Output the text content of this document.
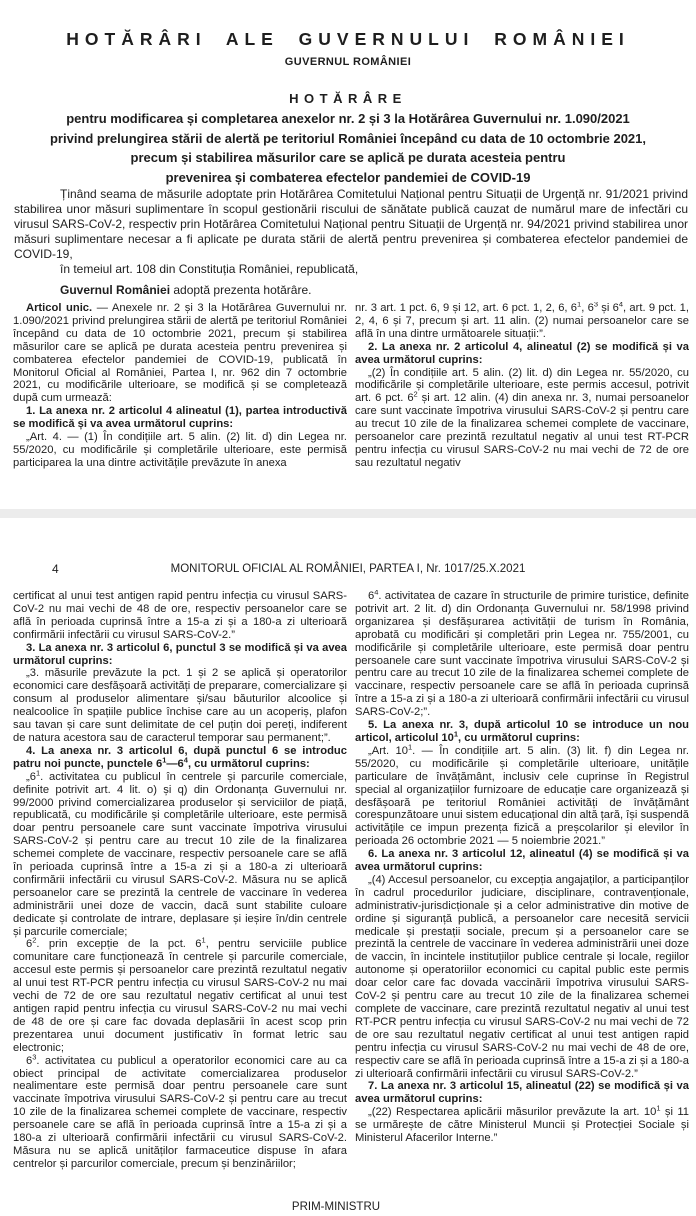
HOTĂRÂRI ALE GUVERNULUI ROMÂNIEI
GUVERNUL ROMÂNIEI
HOTĂRÂRE
pentru modificarea și completarea anexelor nr. 2 și 3 la Hotărârea Guvernului nr. 1.090/2021
privind prelungirea stării de alertă pe teritoriul României începând cu data de 10 octombrie 2021,
precum și stabilirea măsurilor care se aplică pe durata acesteia pentru
prevenirea și combaterea efectelor pandemiei de COVID-19

Ținând seama de măsurile adoptate prin Hotărârea Comitetului Național pentru Situații de Urgență nr. 91/2021 privind stabilirea unor măsuri suplimentare în scopul gestionării riscului de sănătate publică cauzat de numărul mare de infectări cu virusul SARS-CoV-2, respectiv prin Hotărârea Comitetului Național pentru Situații de Urgență nr. 94/2021 privind stabilirea unor măsuri suplimentare necesar a fi aplicate pe durata stării de alertă pentru prevenirea și combaterea efectelor pandemiei de COVID-19,

în temeiul art. 108 din Constituția României, republicată,

Guvernul României adoptă prezenta hotărâre.

Articol unic. — Anexele nr. 2 și 3 la Hotărârea Guvernului nr. 1.090/2021 privind prelungirea stării de alertă pe teritoriul României începând cu data de 10 octombrie 2021, precum și stabilirea măsurilor care se aplică pe durata acesteia pentru prevenirea și combaterea efectelor pandemiei de COVID-19, publicată în Monitorul Oficial al României, Partea I, nr. 962 din 7 octombrie 2021, cu modificările ulterioare, se modifică și se completează după cum urmează:

1. La anexa nr. 2 articolul 4 alineatul (1), partea introductivă se modifică și va avea următorul cuprins:

„Art. 4. — (1) În condițiile art. 5 alin. (2) lit. d) din Legea nr. 55/2020, cu modificările și completările ulterioare, este permisă participarea la una dintre activitățile prevăzute în anexa

nr. 3 art. 1 pct. 6, 9 și 12, art. 6 pct. 1, 2, 6, $6^1$, $6^3$ și $6^4$, art. 9 pct. 1, 2, 4, 6 și 7, precum și art. 11 alin. (2) numai persoanelor care se află în una dintre următoarele situații:”.

2. La anexa nr. 2 articolul 4, alineatul (2) se modifică și va avea următorul cuprins:

„(2) În condițiile art. 5 alin. (2) lit. d) din Legea nr. 55/2020, cu modificările și completările ulterioare, este permis accesul, potrivit art. 6 pct. $6^2$ și art. 12 alin. (4) din anexa nr. 3, numai persoanelor care sunt vaccinate împotriva virusului SARS-CoV-2 și pentru care au trecut 10 zile de la finalizarea schemei complete de vaccinare, persoanelor care prezintă rezultatul negativ al unui test RT-PCR pentru infecția cu virusul SARS-CoV-2 nu mai vechi de 72 de ore sau rezultatul negativ

4	MONITORUL OFICIAL AL ROMÂNIEI, PARTEA I, Nr. 1017/25.X.2021

certificat al unui test antigen rapid pentru infecția cu virusul SARS-CoV-2 nu mai vechi de 48 de ore, respectiv persoanelor care se află în perioada cuprinsă între a 15-a zi și a 180-a zi ulterioară confirmării infectării cu virusul SARS-CoV-2.”

3. La anexa nr. 3 articolul 6, punctul 3 se modifică și va avea următorul cuprins:

„3. măsurile prevăzute la pct. 1 și 2 se aplică și operatorilor economici care desfășoară activități de preparare, comercializare și consum al produselor alimentare și/sau băuturilor alcoolice și nealcoolice în spațiile publice închise care au un acoperiș, plafon sau tavan și care sunt delimitate de cel puțin doi pereți, indiferent de natura acestora sau de caracterul temporar sau permanent;”.

4. La anexa nr. 3 articolul 6, după punctul 6 se introduc patru noi puncte, punctele $6^1—6^4$, cu următorul cuprins:

$„6^1$. activitatea cu publicul în centrele și parcurile comerciale, definite potrivit art. 4 lit. o) și q) din Ordonanța Guvernului nr. 99/2000 privind comercializarea produselor și serviciilor de piață, republicată, cu modificările și completările ulterioare, este permisă doar pentru persoanele care sunt vaccinate împotriva virusului SARS-CoV-2 și pentru care au trecut 10 zile de la finalizarea schemei complete de vaccinare, respectiv persoanele care se află în perioada cuprinsă între a 15-a zi și a 180-a zi ulterioară confirmării infectării cu virusul SARS-CoV-2. Măsura nu se aplică persoanelor care se prezintă la centrele de vaccinare în vederea administrării unei doze de vaccin, dacă sunt stabilite culoare dedicate și controlate de intrare, deplasare și ieșire în/din centrele și parcurile comerciale;

$6^2$. prin excepție de la pct. $6^1$, pentru serviciile publice comunitare care funcționează în centrele și parcurile comerciale, accesul este permis și persoanelor care prezintă rezultatul negativ al unui test RT-PCR pentru infecția cu virusul SARS-CoV-2 nu mai vechi de 72 de ore sau rezultatul negativ certificat al unui test antigen rapid pentru infecția cu virusul SARS-CoV-2 nu mai vechi de 48 de ore și care fac dovada deplasării în acest scop prin prezentarea unui document justificativ în format letric sau electronic;

$6^3$. activitatea cu publicul a operatorilor economici care au ca obiect principal de activitate comercializarea produselor nealimentare este permisă doar pentru persoanele care sunt vaccinate împotriva virusului SARS-CoV-2 și pentru care au trecut 10 zile de la finalizarea schemei complete de vaccinare, respectiv persoanele care se află în perioada cuprinsă între a 15-a zi și a 180-a zi ulterioară confirmării infectării cu virusul SARS-CoV-2. Măsura nu se aplică unităților farmaceutice dispuse în afara centrelor și parcurilor comerciale, precum și benzinăriilor;

$6^4$. activitatea de cazare în structurile de primire turistice, definite potrivit art. 2 lit. d) din Ordonanța Guvernului nr. 58/1998 privind organizarea și desfășurarea activității de turism în România, aprobată cu modificări și completări prin Legea nr. 755/2001, cu modificările și completările ulterioare, este permisă doar pentru persoanele care sunt vaccinate împotriva virusului SARS-CoV-2 și pentru care au trecut 10 zile de la finalizarea schemei complete de vaccinare, respectiv persoanele care se află în perioada cuprinsă între a 15-a zi și a 180-a zi ulterioară confirmării infectării cu virusul SARS-CoV-2;”.

5. La anexa nr. 3, după articolul 10 se introduce un nou articol, articolul $10^1$, cu următorul cuprins:

„Art. $10^1$. — În condițiile art. 5 alin. (3) lit. f) din Legea nr. 55/2020, cu modificările și completările ulterioare, unitățile particulare de învățământ, inclusiv cele cuprinse în Registrul special al organizațiilor furnizoare de educație care organizează și desfășoară pe teritoriul României activități de învățământ corespunzătoare unui sistem educațional din altă țară, își suspendă activitățile ce impun prezența fizică a preșcolarilor și elevilor în perioada 26 octombrie 2021 — 5 noiembrie 2021.”

6. La anexa nr. 3 articolul 12, alineatul (4) se modifică și va avea următorul cuprins:

„(4) Accesul persoanelor, cu excepția angajaților, a participanților în cadrul procedurilor judiciare, disciplinare, contravenționale, administrativ-jurisdicționale și a celor administrative din motive de ordine și siguranță publică, a persoanelor care necesită servicii medicale și prestații sociale, precum și a persoanelor care se prezintă la centrele de vaccinare în vederea administrării unei doze de vaccin, în incintele instituțiilor publice centrale și locale, regiilor autonome și operatoriilor economici cu capital public este permis doar celor care fac dovada vaccinării împotriva virusului SARS-CoV-2 și pentru care au trecut 10 zile de la finalizarea schemei complete de vaccinare, care prezintă rezultatul negativ al unui test RT-PCR pentru infecția cu virusul SARS-CoV-2 nu mai vechi de 72 de ore sau rezultatul negativ certificat al unui test antigen rapid pentru infecția cu virusul SARS-CoV-2 nu mai vechi de 48 de ore, respectiv care se află în perioada cuprinsă între a 15-a zi și a 180-a zi ulterioară confirmării infectării cu virusul SARS-CoV-2.”

7. La anexa nr. 3 articolul 15, alineatul (22) se modifică și va avea următorul cuprins:

„(22) Respectarea aplicării măsurilor prevăzute la art. $10^1$ și 11 se urmărește de către Ministerul Muncii și Protecției Sociale și Ministerul Afacerilor Interne.”

PRIM-MINISTRU
